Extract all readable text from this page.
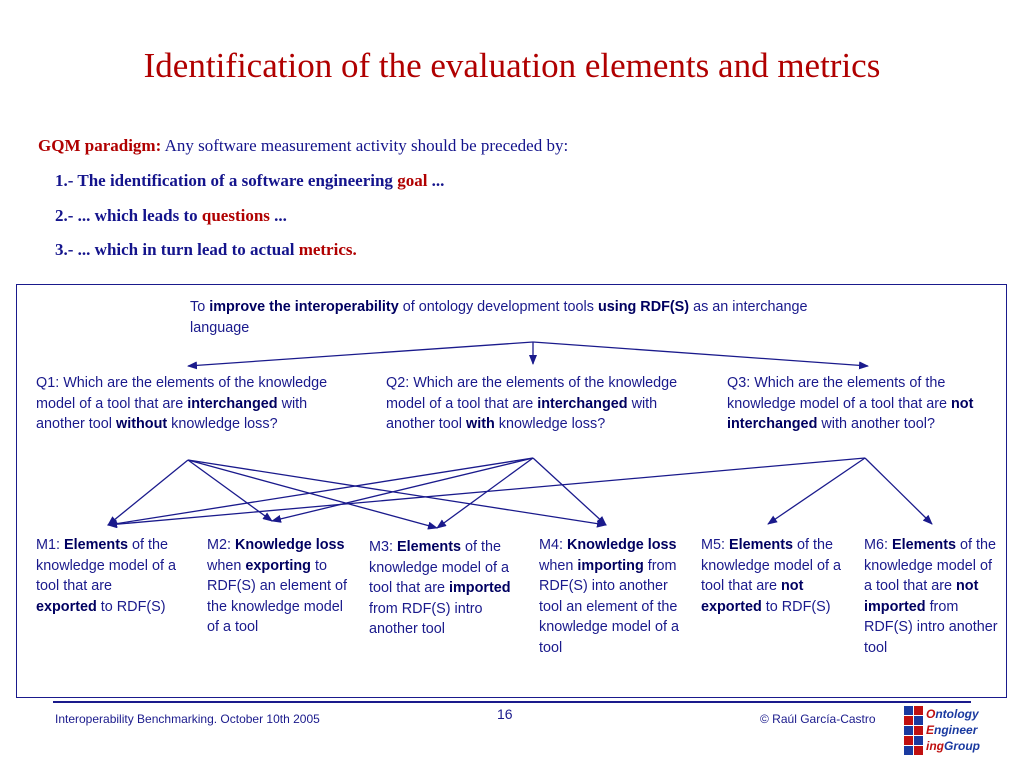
Identification of the evaluation elements and metrics
GQM paradigm: Any software measurement activity should be preceded by:
1.- The identification of a software engineering goal ...
2.- ... which leads to questions ...
3.- ... which in turn lead to actual metrics.
To improve the interoperability of ontology development tools using RDF(S) as an interchange language
Q1: Which are the elements of the knowledge model of a tool that are interchanged with another tool without knowledge loss?
Q2: Which are the elements of the knowledge model of a tool that are interchanged with another tool with knowledge loss?
Q3: Which are the elements of the knowledge model of a tool that are not interchanged with another tool?
M1: Elements of the knowledge model of a tool that are exported to RDF(S)
M2: Knowledge loss when exporting to RDF(S) an element of the knowledge model of a tool
M3: Elements of the knowledge model of a tool that are imported from RDF(S) intro another tool
M4: Knowledge loss when importing from RDF(S) into another tool an element of the knowledge model of a tool
M5: Elements of the knowledge model of a tool that are not exported to RDF(S)
M6: Elements of the knowledge model of a tool that are not imported from RDF(S) intro another tool
Interoperability Benchmarking. October 10th 2005	16	© Raúl García-Castro	Ontology
Engineer
ingGroup
